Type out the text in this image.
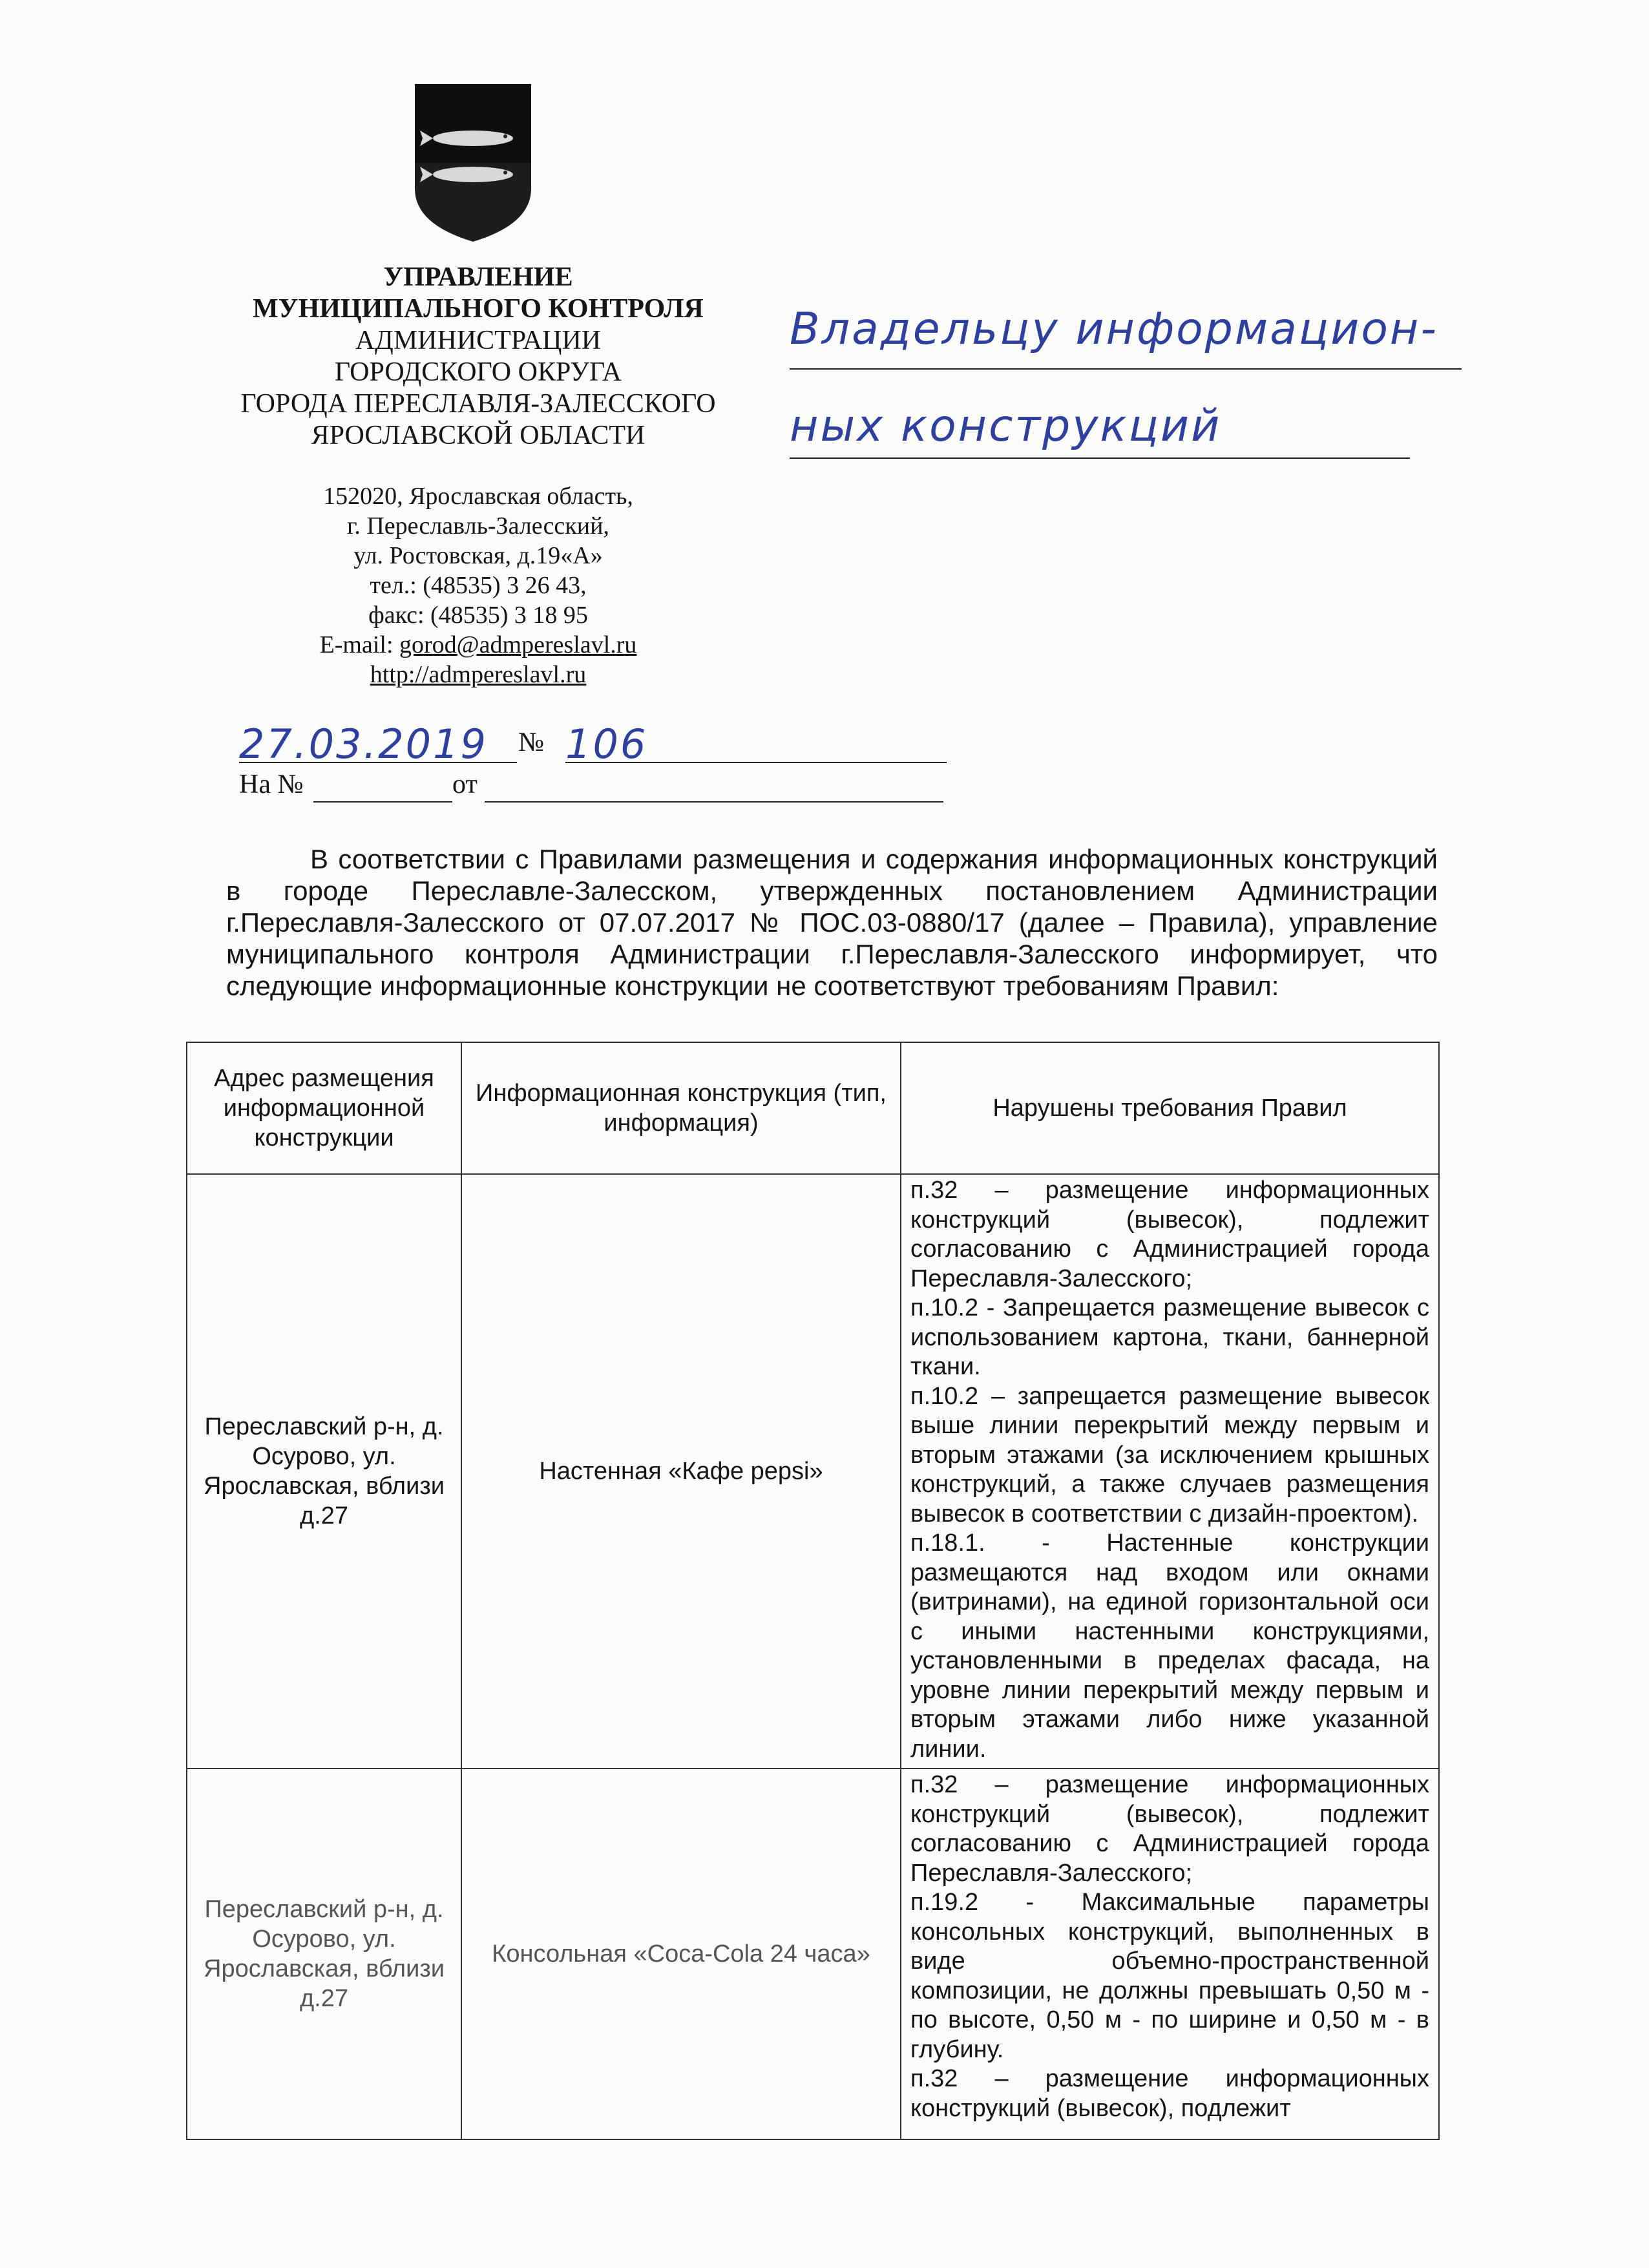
УПРАВЛЕНИЕ
МУНИЦИПАЛЬНОГО КОНТРОЛЯ
АДМИНИСТРАЦИИ
ГОРОДСКОГО ОКРУГА
ГОРОДА ПЕРЕСЛАВЛЯ-ЗАЛЕССКОГО
ЯРОСЛАВСКОЙ ОБЛАСТИ
152020, Ярославская область,
г. Переславль-Залесский,
ул. Ростовская, д.19«А»
тел.: (48535) 3 26 43,
факс: (48535) 3 18 95
E-mail: gorod@admpereslavl.ru
http://admpereslavl.ru
Владельцу информацион-
ных конструкций
27.03.2019 № 106
На №	от
В соответствии с Правилами размещения и содержания информационных конструкций в городе Переславле-Залесском, утвержденных постановлением Администрации г.Переславля-Залесского от 07.07.2017 № ПОС.03-0880/17 (далее – Правила), управление муниципального контроля Администрации г.Переславля-Залесского информирует, что следующие информационные конструкции не соответствуют требованиям Правил:
Адрес размещения информационной конструкции	Информационная конструкция (тип, информация)	Нарушены требования Правил
Переславский р-н, д. Осурово, ул. Ярославская, вблизи д.27	Настенная «Кафе pepsi»	п.32 – размещение информационных конструкций (вывесок), подлежит согласованию с Администрацией города Переславля-Залесского;
п.10.2 - Запрещается размещение вывесок с использованием картона, ткани, баннерной ткани.
п.10.2 – запрещается размещение вывесок выше линии перекрытий между первым и вторым этажами (за исключением крышных конструкций, а также случаев размещения вывесок в соответствии с дизайн-проектом).
п.18.1. - Настенные конструкции размещаются над входом или окнами (витринами), на единой горизонтальной оси с иными настенными конструкциями, установленными в пределах фасада, на уровне линии перекрытий между первым и вторым этажами либо ниже указанной линии.

Переславский р-н, д. Осурово, ул. Ярославская, вблизи д.27	Консольная «Coca-Cola 24 часа»	п.32 – размещение информационных конструкций (вывесок), подлежит согласованию с Администрацией города Переславля-Залесского;
п.19.2 - Максимальные параметры консольных конструкций, выполненных в виде объемно-пространственной композиции, не должны превышать 0,50 м - по высоте, 0,50 м - по ширине и 0,50 м - в глубину.
п.32 – размещение информационных конструкций (вывесок), подлежит
